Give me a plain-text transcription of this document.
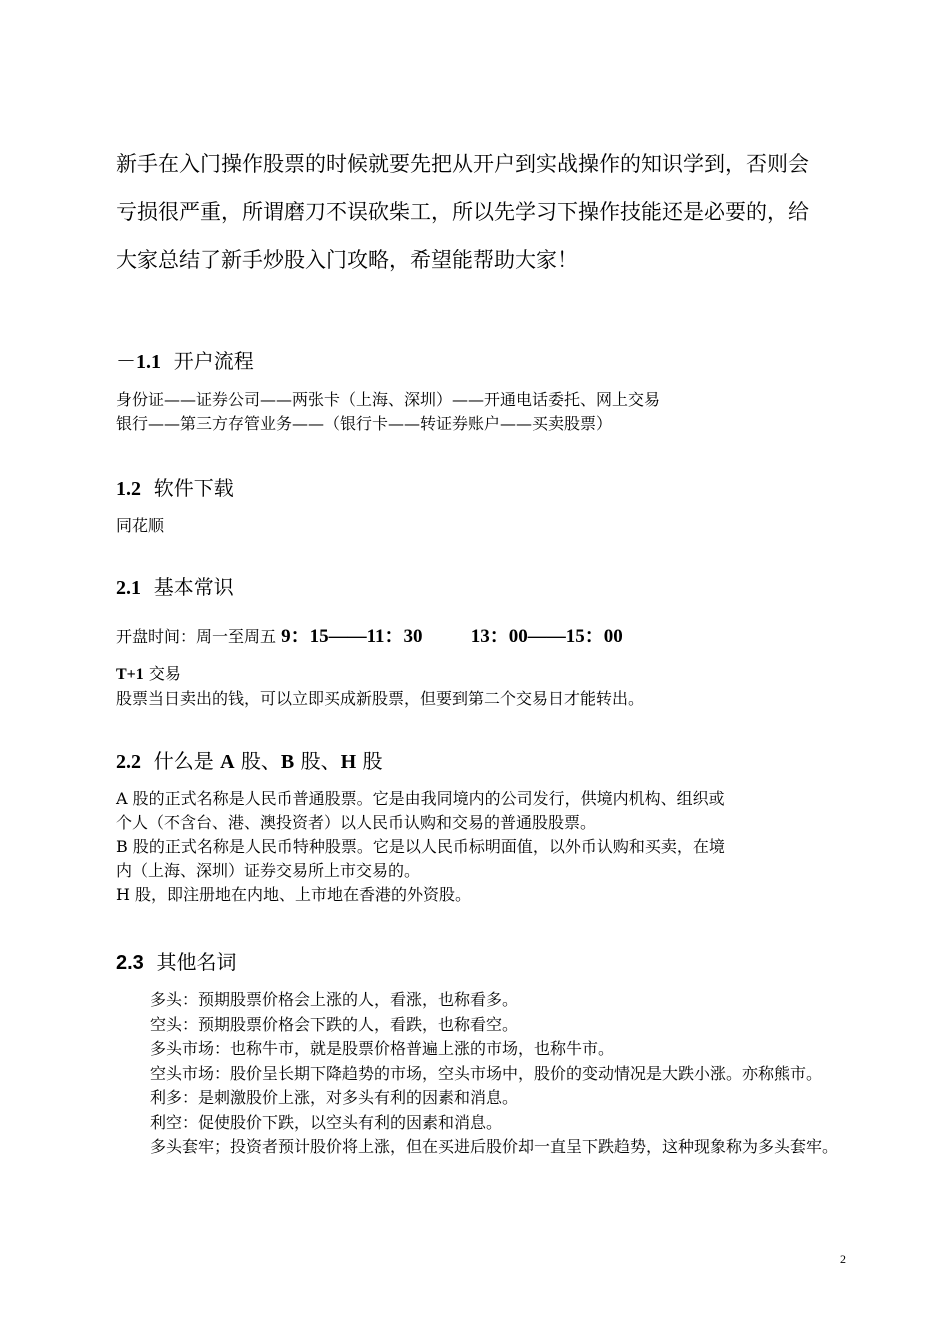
新手在入门操作股票的时候就要先把从开户到实战操作的知识学到，否则会
亏损很严重，所谓磨刀不误砍柴工，所以先学习下操作技能还是必要的，给
大家总结了新手炒股入门攻略，希望能帮助大家！
－1.1 开户流程
身份证——证券公司——两张卡（上海、深圳）——开通电话委托、网上交易
银行——第三方存管业务——（银行卡——转证券账户——买卖股票）
1.2 软件下载
同花顺
2.1 基本常识
开盘时间：周一至周五 9：15——11：30	13：00——15：00
T+1 交易
股票当日卖出的钱，可以立即买成新股票，但要到第二个交易日才能转出。
2.2 什么是 A 股、B 股、H 股
A 股的正式名称是人民币普通股票。它是由我同境内的公司发行，供境内机构、组织或
个人（不含台、港、澳投资者）以人民币认购和交易的普通股股票。
B 股的正式名称是人民币特种股票。它是以人民币标明面值，以外币认购和买卖，在境
内（上海、深圳）证券交易所上市交易的。
H 股，即注册地在内地、上市地在香港的外资股。
2.3 其他名词
多头：预期股票价格会上涨的人，看涨，也称看多。
空头：预期股票价格会下跌的人，看跌，也称看空。
多头市场：也称牛市，就是股票价格普遍上涨的市场，也称牛市。
空头市场：股价呈长期下降趋势的市场，空头市场中，股价的变动情况是大跌小涨。亦称熊市。
利多：是刺激股价上涨，对多头有利的因素和消息。
利空：促使股价下跌，以空头有利的因素和消息。
多头套牢；投资者预计股价将上涨，但在买进后股价却一直呈下跌趋势，这种现象称为多头套牢。
2
